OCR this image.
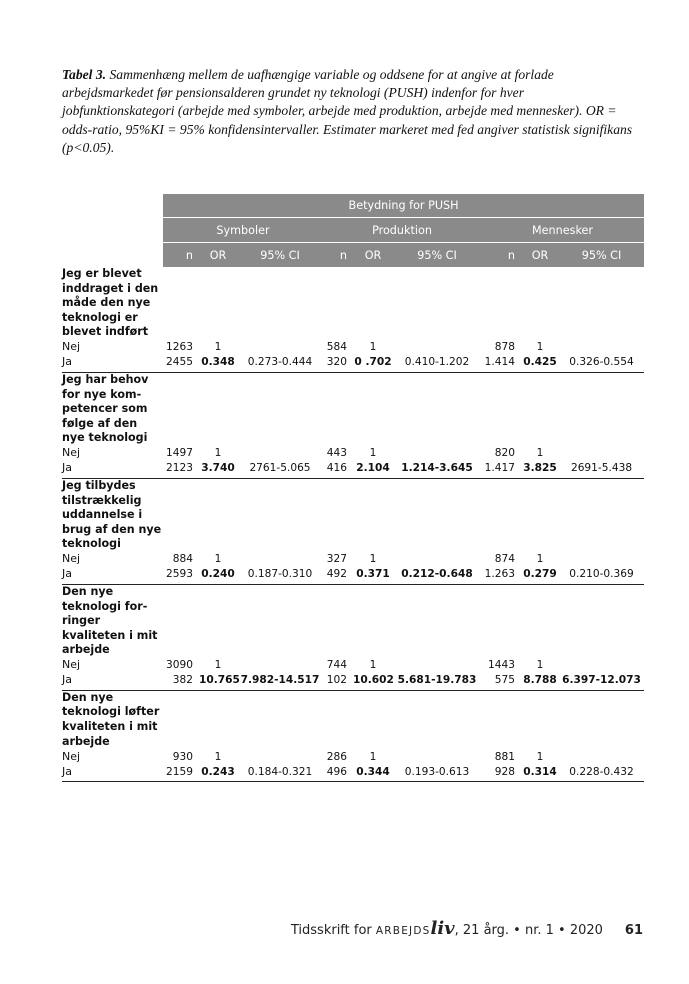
Tabel 3. Sammenhæng mellem de uafhængige variable og oddsene for at angive at forlade arbejdsmarkedet før pensionsalderen grundet ny teknologi (PUSH) indenfor for hver jobfunktionskategori (arbejde med symboler, arbejde med produktion, arbejde med mennesker). OR = odds-ratio, 95%KI = 95% konfidensintervaller. Estimater markeret med fed angiver statistisk signifikans (p<0.05).

	Betydning for PUSH								
	Symboler			Produktion			Mennesker		
	n	OR	95% CI	n	OR	95% CI	n	OR	95% CI
Jeg er blevet inddraget i den måde den nye teknologi er blevet indført									
Nej	1263	1		584	1		878	1	
Ja	2455	0.348	0.273-0.444	320	0 .702	0.410-1.202	1.414	0.425	0.326-0.554
Jeg har behov for nye kompetencer som følge af den nye teknologi									
Nej	1497	1		443	1		820	1	
Ja	2123	3.740	2761-5.065	416	2.104	1.214-3.645	1.417	3.825	2691-5.438
Jeg tilbydes tilstrækkelig uddannelse i brug af den nye teknologi									
Nej	884	1		327	1		874	1	
Ja	2593	0.240	0.187-0.310	492	0.371	0.212-0.648	1.263	0.279	0.210-0.369
Den nye teknologi forringer kvaliteten i mit arbejde									
Nej	3090	1		744	1		1443	1	
Ja	382	10.765	7.982-14.517	102	10.602	5.681-19.783	575	8.788	6.397-12.073
Den nye teknologi løfter kvaliteten i mit arbejde									
Nej	930	1		286	1		881	1	
Ja	2159	0.243	0.184-0.321	496	0.344	0.193-0.613	928	0.314	0.228-0.432
Tidsskrift for ARBEJDSliv, 21 årg. • nr. 1 • 2020 61
